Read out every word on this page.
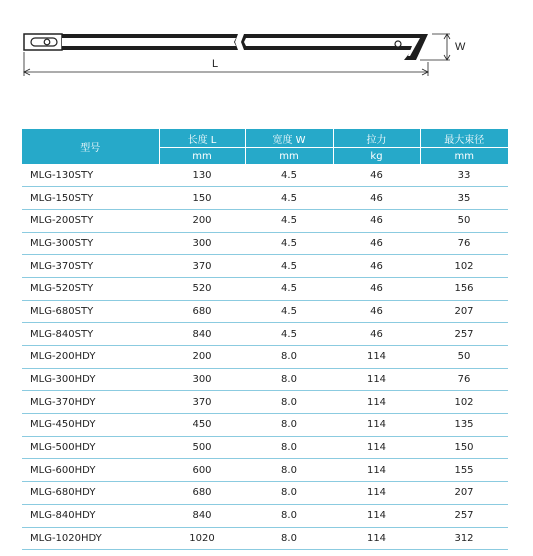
W
L
型号	长度 L	宽度 W	拉力	最大束径
	mm	mm	kg	mm
MLG-130STY	130	4.5	46	33
MLG-150STY	150	4.5	46	35
MLG-200STY	200	4.5	46	50
MLG-300STY	300	4.5	46	76
MLG-370STY	370	4.5	46	102
MLG-520STY	520	4.5	46	156
MLG-680STY	680	4.5	46	207
MLG-840STY	840	4.5	46	257
MLG-200HDY	200	8.0	114	50
MLG-300HDY	300	8.0	114	76
MLG-370HDY	370	8.0	114	102
MLG-450HDY	450	8.0	114	135
MLG-500HDY	500	8.0	114	150
MLG-600HDY	600	8.0	114	155
MLG-680HDY	680	8.0	114	207
MLG-840HDY	840	8.0	114	257
MLG-1020HDY	1020	8.0	114	312
